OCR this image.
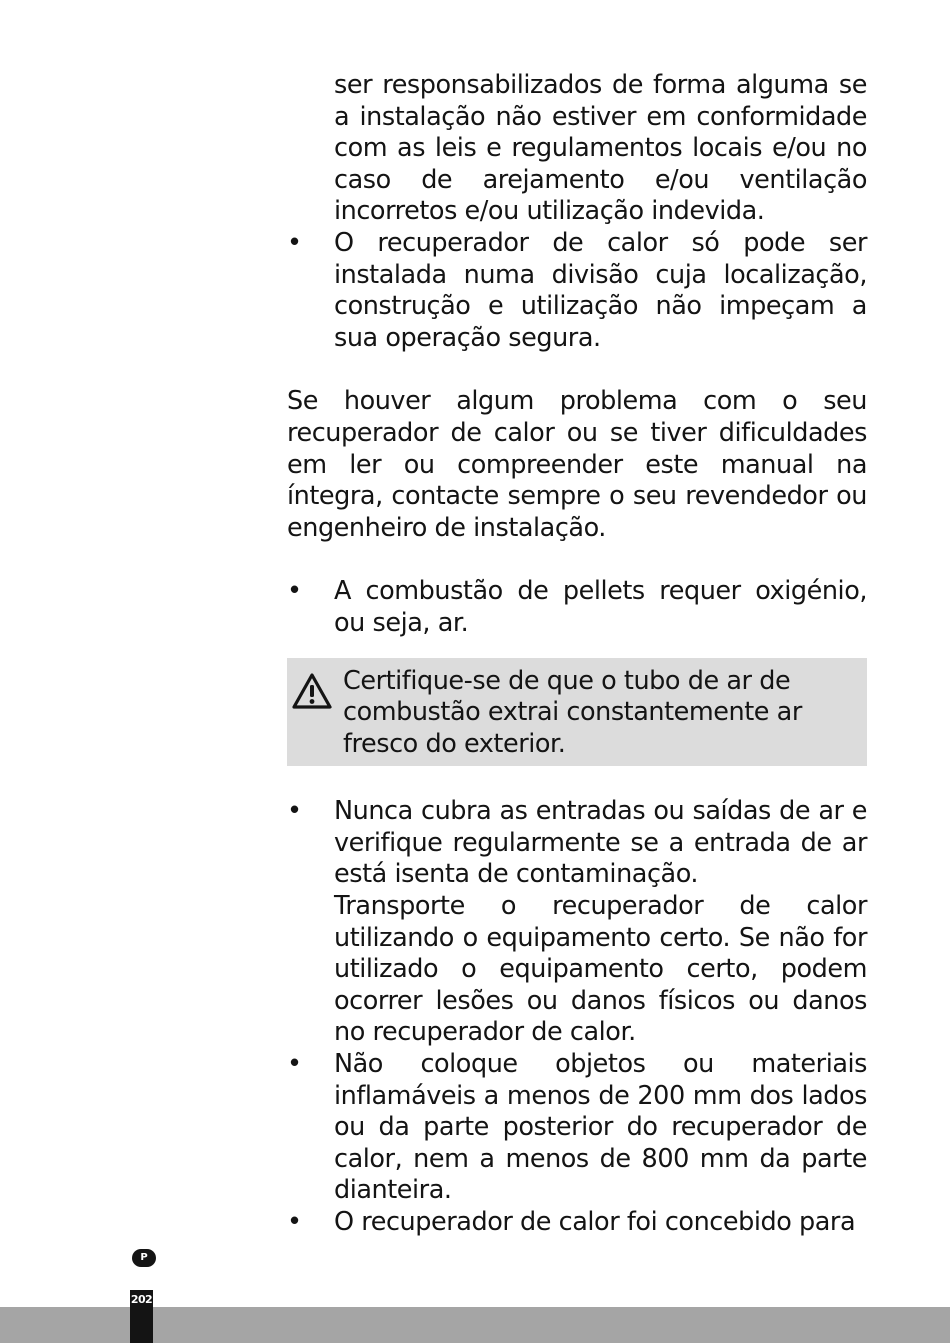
ser responsabilizados de forma alguma se a instalação não estiver em conformidade com as leis e regulamentos locais e/ou no caso de arejamento e/ou ventilação incorretos e/ou utilização indevida.

• O recuperador de calor só pode ser instalada numa divisão cuja localização, construção e utilização não impeçam a sua operação segura.

Se houver algum problema com o seu recuperador de calor ou se tiver dificuldades em ler ou compreender este manual na íntegra, contacte sempre o seu revendedor ou engenheiro de instalação.

• A combustão de pellets requer oxigénio, ou seja, ar.

Certifique-se de que o tubo de ar de combustão extrai constantemente ar fresco do exterior.

• Nunca cubra as entradas ou saídas de ar e verifique regularmente se a entrada de ar está isenta de contaminação.
Transporte o recuperador de calor utilizando o equipamento certo. Se não for utilizado o equipamento certo, podem ocorrer lesões ou danos físicos ou danos no recuperador de calor.

• Não coloque objetos ou materiais inflamáveis a menos de 200 mm dos lados ou da parte posterior do recuperador de calor, nem a menos de 800 mm da parte dianteira.

• O recuperador de calor foi concebido para

P
202
